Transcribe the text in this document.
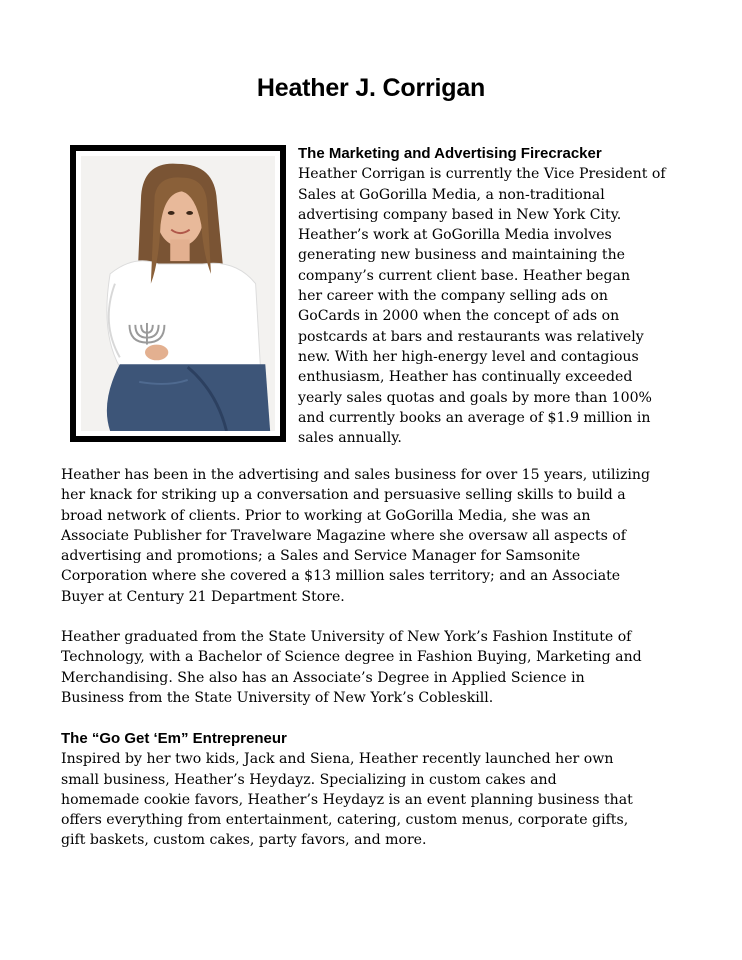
Heather J. Corrigan
The Marketing and Advertising Firecracker
Heather Corrigan is currently the Vice President of
Sales at GoGorilla Media, a non-traditional
advertising company based in New York City.
Heather’s work at GoGorilla Media involves
generating new business and maintaining the
company’s current client base. Heather began
her career with the company selling ads on
GoCards in 2000 when the concept of ads on
postcards at bars and restaurants was relatively
new. With her high-energy level and contagious
enthusiasm, Heather has continually exceeded
yearly sales quotas and goals by more than 100%
and currently books an average of $1.9 million in
sales annually.
Heather has been in the advertising and sales business for over 15 years, utilizing
her knack for striking up a conversation and persuasive selling skills to build a
broad network of clients. Prior to working at GoGorilla Media, she was an
Associate Publisher for Travelware Magazine where she oversaw all aspects of
advertising and promotions; a Sales and Service Manager for Samsonite
Corporation where she covered a $13 million sales territory; and an Associate
Buyer at Century 21 Department Store.
Heather graduated from the State University of New York’s Fashion Institute of
Technology, with a Bachelor of Science degree in Fashion Buying, Marketing and
Merchandising. She also has an Associate’s Degree in Applied Science in
Business from the State University of New York’s Cobleskill.
The “Go Get ‘Em” Entrepreneur
Inspired by her two kids, Jack and Siena, Heather recently launched her own
small business, Heather’s Heydayz. Specializing in custom cakes and
homemade cookie favors, Heather’s Heydayz is an event planning business that
offers everything from entertainment, catering, custom menus, corporate gifts,
gift baskets, custom cakes, party favors, and more.
